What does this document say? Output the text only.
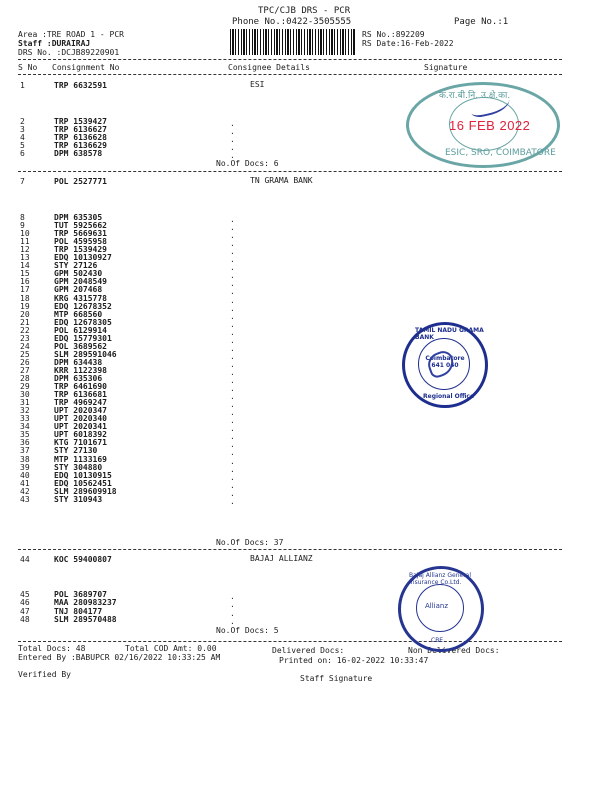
TPC/CJB DRS - PCR
Phone No.:0422-3505555	Page No.:1
Area :TRE ROAD 1 - PCR
Staff :DURAIRAJ
DRS No. :DCJB89220901
RS No.:892209
RS Date:16-Feb-2022
S No Consignment No	Consignee Details	Signature
1	TRP 6632591
2	TRP 1539427	.
3	TRP 6136627	.
4	TRP 6136628	.
5	TRP 6136629	.
6	DPM 638578	.
ESI
No.Of Docs: 6
7	POL 2527771
8	DPM 635305	.
9	TUT 5925662	.
10	TRP 5669631	.
11	POL 4595958	.
12	TRP 1539429	.
13	EDQ 10130927	.
14	STY 27126	.
15	GPM 502430	.
16	GPM 2048549	.
17	GPM 207468	.
18	KRG 4315778	.
19	EDQ 12678352	.
20	MTP 668560	.
21	EDQ 12678305	.
22	POL 6129914	.
23	EDQ 15779301	.
24	POL 3689562	.
25	SLM 289591046	.
26	DPM 634438	.
27	KRR 1122398	.
28	DPM 635306	.
29	TRP 6461690	.
30	TRP 6136681	.
31	TRP 4969247	.
32	UPT 2020347	.
33	UPT 2020340	.
34	UPT 2020341	.
35	UPT 6018392	.
36	KTG 7101671	.
37	STY 27130	.
38	MTP 1133169	.
39	STY 304880	.
40	EDQ 10130915	.
41	EDQ 10562451	.
42	SLM 289609918	.
43	STY 310943	.
TN GRAMA BANK
No.Of Docs: 37
44	KOC 59400807
45	POL 3689707	.
46	MAA 280983237	.
47	TNJ 804177	.
48	SLM 289570488	.
BAJAJ ALLIANZ
No.Of Docs: 5
Total Docs: 48	Total COD Amt: 0.00	Delivered Docs:	Non Delivered Docs:
Entered By :BABUPCR 02/16/2022 10:33:25 AM	Printed on: 16-02-2022 10:33:47
Verified By	Staff Signature
क.रा.बी.नि. उ.क्षे.का.
16 FEB 2022
ESIC, SRO, COIMBATORE
TAMIL NADU GRAMA BANK
Coimbatore
641 040
Regional Office
Bajaj Allianz General Insurance Co.Ltd.
Allianz
CBE
